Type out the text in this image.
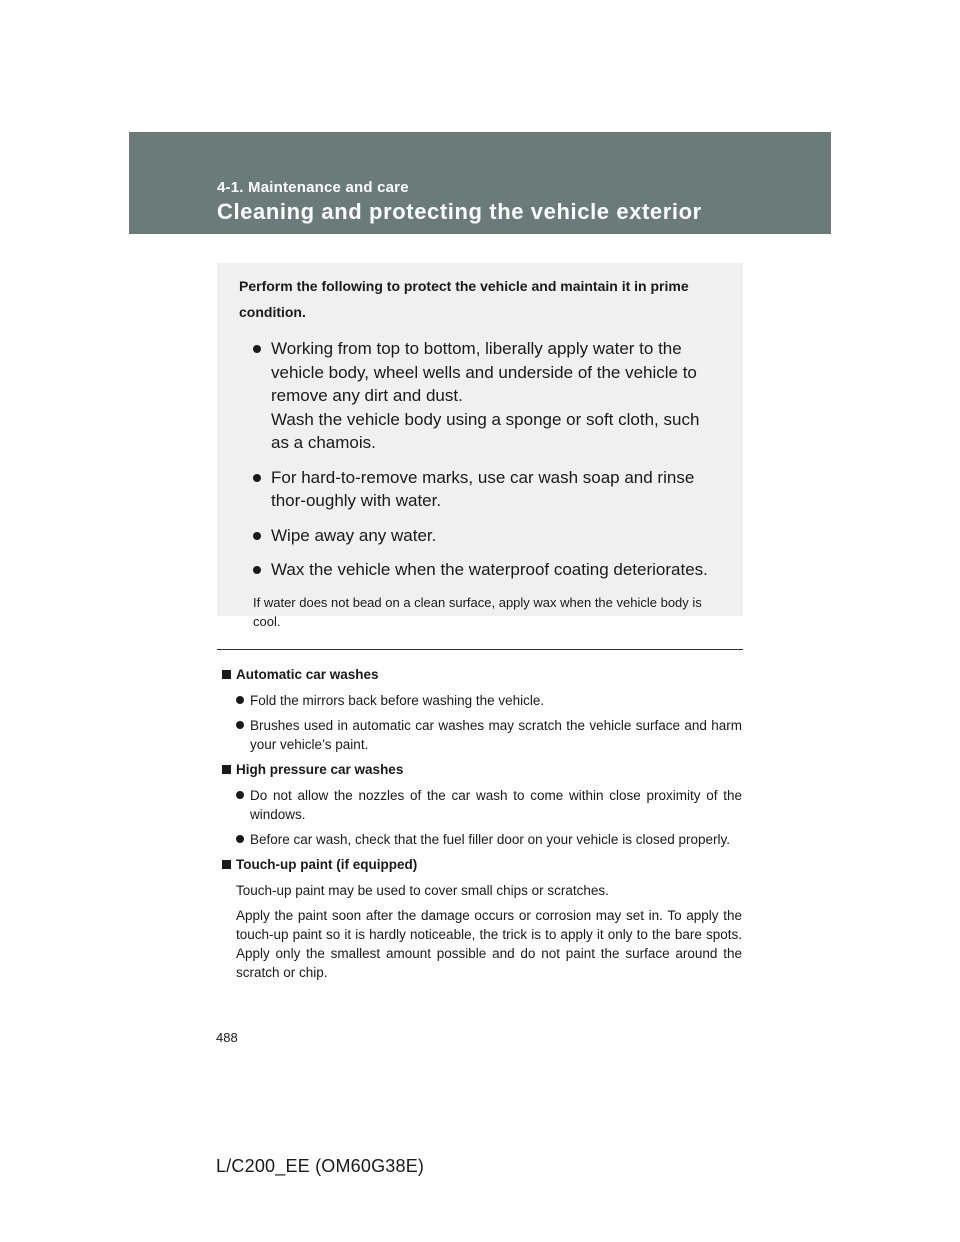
4-1. Maintenance and care
Cleaning and protecting the vehicle exterior

Perform the following to protect the vehicle and maintain it in prime condition.

Working from top to bottom, liberally apply water to the vehicle body, wheel wells and underside of the vehicle to remove any dirt and dust.
Wash the vehicle body using a sponge or soft cloth, such as a chamois.
For hard-to-remove marks, use car wash soap and rinse thor-oughly with water.
Wipe away any water.
Wax the vehicle when the waterproof coating deteriorates.

If water does not bead on a clean surface, apply wax when the vehicle body is cool.

Automatic car washes

Fold the mirrors back before washing the vehicle.
Brushes used in automatic car washes may scratch the vehicle surface and harm your vehicle’s paint.

High pressure car washes

Do not allow the nozzles of the car wash to come within close proximity of the windows.
Before car wash, check that the fuel filler door on your vehicle is closed properly.

Touch-up paint (if equipped)

Touch-up paint may be used to cover small chips or scratches.

Apply the paint soon after the damage occurs or corrosion may set in. To apply the touch-up paint so it is hardly noticeable, the trick is to apply it only to the bare spots. Apply only the smallest amount possible and do not paint the surface around the scratch or chip.

488
L/C200_EE (OM60G38E)
